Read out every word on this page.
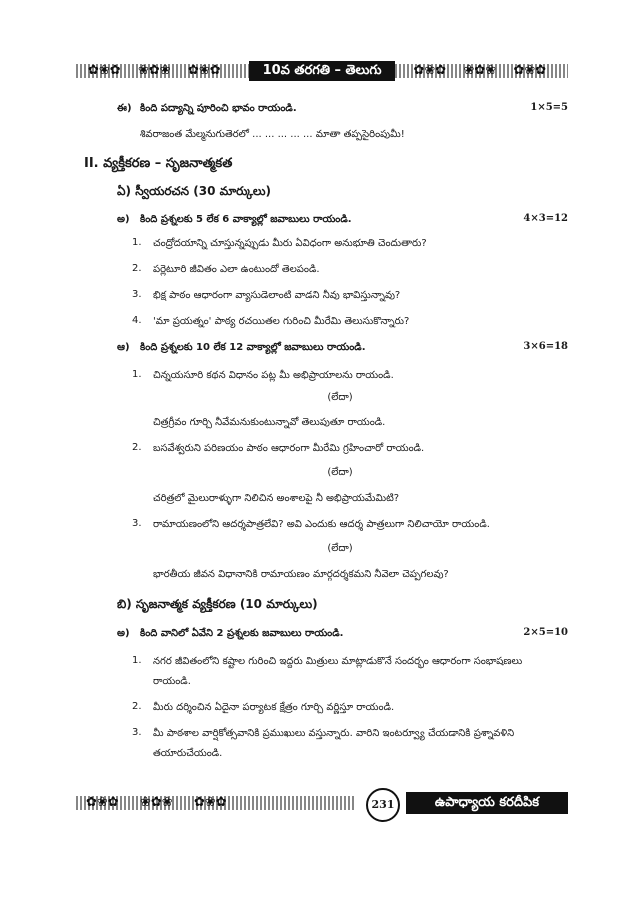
✿❀✿ ❀✿❀ ✿❀✿	10వ తరగతి – తెలుగు	✿❀✿ ❀✿❀ ✿❀✿
ఈ) కింది పద్యాన్ని పూరించి భావం రాయండి.	1×5=5
శివరాజంత మేల్మనుగుతెరలో ... ... ... ... ... మాతా తప్పసైరింపుమీ!
II. వ్యక్తీకరణ – సృజనాత్మకత
ఏ) స్వీయరచన (30 మార్కులు)
అ) కింది ప్రశ్నలకు 5 లేక 6 వాక్యాల్లో జవాబులు రాయండి.	4×3=12
1. చంద్రోదయాన్ని చూస్తున్నప్పుడు మీరు ఏవిధంగా అనుభూతి చెందుతారు?
2. పర్లెటూరి జీవితం ఎలా ఉంటుందో తెలపండి.
3. భిక్ష పాఠం ఆధారంగా వ్యాసుడెలాంటి వాడని నీవు భావిస్తున్నావు?
4. 'మా ప్రయత్నం' పాఠ్య రచయితల గురించి మీరేమి తెలుసుకొన్నారు?
ఆ) కింది ప్రశ్నలకు 10 లేక 12 వాక్యాల్లో జవాబులు రాయండి.	3×6=18
1. చిన్నయసూరి కథన విధానం పట్ల మీ అభిప్రాయాలను రాయండి.
(లేదా)
చిత్రగ్రీవం గూర్చి నీవేమనుకుంటున్నావో తెలుపుతూ రాయండి.
2. బసవేశ్వరుని పరిణయం పాఠం ఆధారంగా మీరేమి గ్రహించారో రాయండి.
(లేదా)
చరిత్రలో మైలురాళ్ళుగా నిలిచిన అంశాలపై నీ అభిప్రాయమేమిటి?
3. రామాయణంలోని ఆదర్శపాత్రలేవి? అవి ఎందుకు ఆదర్శ పాత్రలుగా నిలిచాయో రాయండి.
(లేదా)
భారతీయ జీవన విధానానికి రామాయణం మార్గదర్శకమని నీవెలా చెప్పగలవు?
బి) సృజనాత్మక వ్యక్తీకరణ (10 మార్కులు)
అ) కింది వానిలో ఏవేని 2 ప్రశ్నలకు జవాబులు రాయండి.	2×5=10
1. నగర జీవితంలోని కష్టాల గురించి ఇద్దరు మిత్రులు మాట్లాడుకొనే సందర్భం ఆధారంగా సంభాషణలు
రాయండి.
2. మీరు దర్శించిన ఏదైనా పర్యాటక క్షేత్రం గూర్చి వర్ణిస్తూ రాయండి.
3. మీ పాఠశాల వార్షికోత్సవానికి ప్రముఖులు వస్తున్నారు. వారిని ఇంటర్వ్యూ చేయడానికి ప్రశ్నావళిని
తయారుచేయండి.
✿❀✿ ❀✿❀ ✿❀✿	231	ఉపాధ్యాయ కరదీపిక
